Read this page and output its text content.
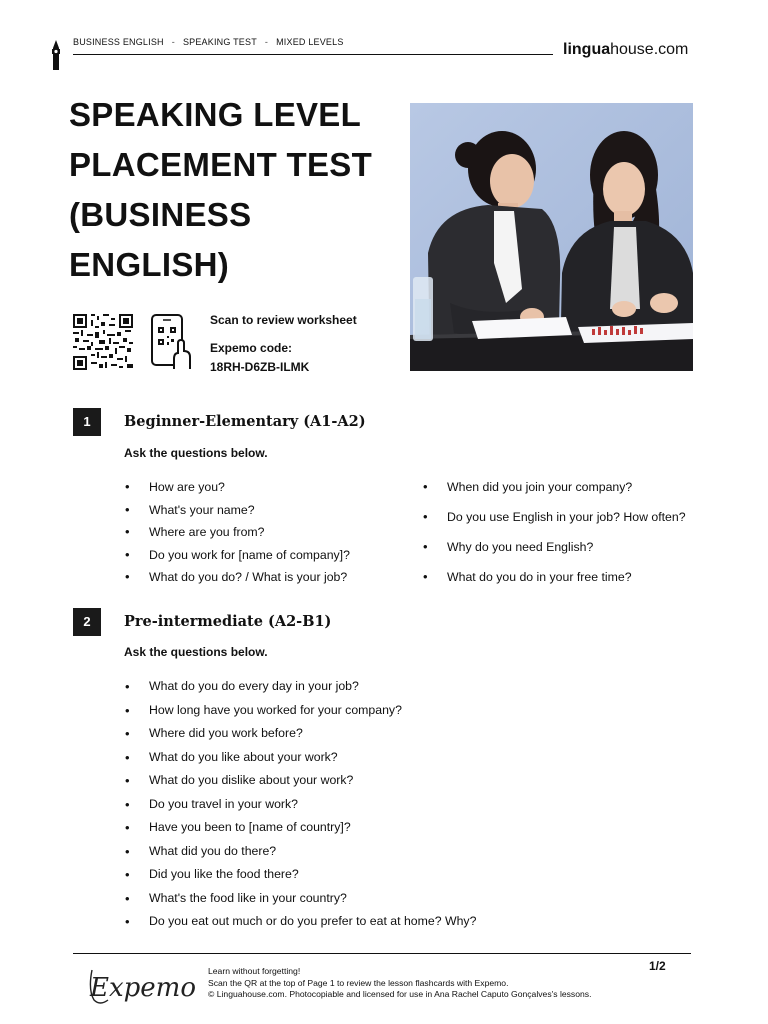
BUSINESS ENGLISH - SPEAKING TEST - MIXED LEVELS	linguahouse.com
SPEAKING LEVEL PLACEMENT TEST (BUSINESS ENGLISH)
Scan to review worksheet
Expemo code:
18RH-D6ZB-ILMK
1	Beginner-Elementary (A1-A2)
Ask the questions below.
• How are you?
• What's your name?
• Where are you from?
• Do you work for [name of company]?
• What do you do? / What is your job?
• When did you join your company?
• Do you use English in your job? How often?
• Why do you need English?
• What do you do in your free time?
2	Pre-intermediate (A2-B1)
Ask the questions below.
• What do you do every day in your job?
• How long have you worked for your company?
• Where did you work before?
• What do you like about your work?
• What do you dislike about your work?
• Do you travel in your work?
• Have you been to [name of country]?
• What did you do there?
• Did you like the food there?
• What's the food like in your country?
• Do you eat out much or do you prefer to eat at home? Why?
Expemo
Learn without forgetting!
Scan the QR at the top of Page 1 to review the lesson flashcards with Expemo.
© Linguahouse.com. Photocopiable and licensed for use in Ana Rachel Caputo Gonçalves's lessons.
1/2
